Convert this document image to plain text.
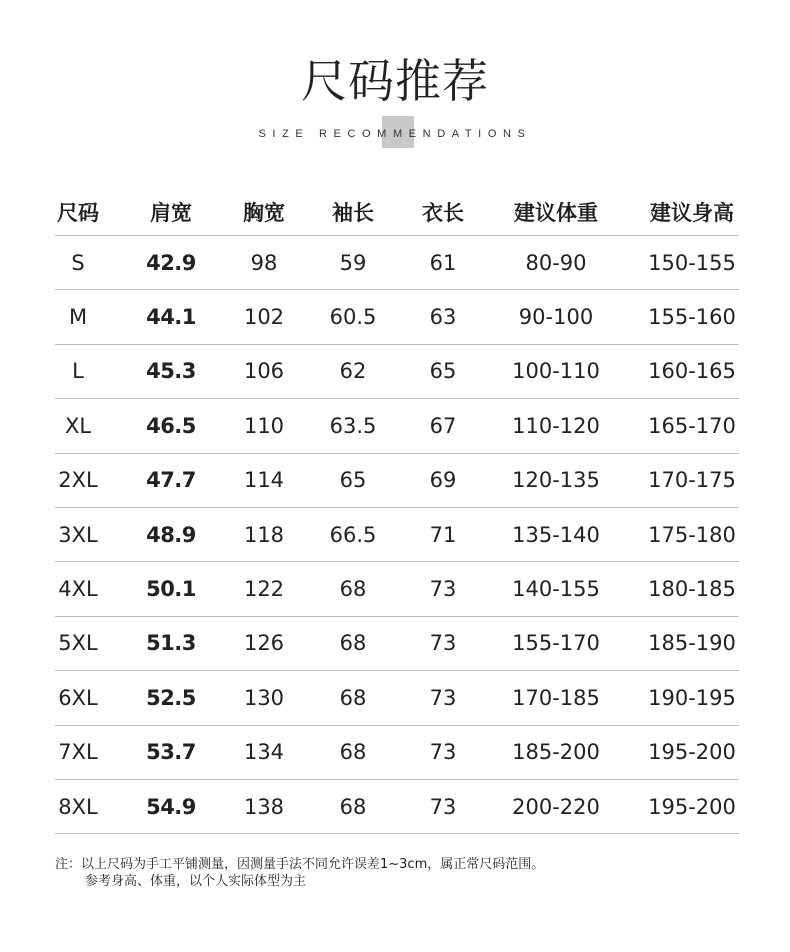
尺码推荐
SIZE RECOMMENDATIONS
尺码	肩宽	胸宽	袖长	衣长	建议体重	建议身高
S	42.9	98	59	61	80-90	150-155
M	44.1	102	60.5	63	90-100	155-160
L	45.3	106	62	65	100-110	160-165
XL	46.5	110	63.5	67	110-120	165-170
2XL	47.7	114	65	69	120-135	170-175
3XL	48.9	118	66.5	71	135-140	175-180
4XL	50.1	122	68	73	140-155	180-185
5XL	51.3	126	68	73	155-170	185-190
6XL	52.5	130	68	73	170-185	190-195
7XL	53.7	134	68	73	185-200	195-200
8XL	54.9	138	68	73	200-220	195-200
注：以上尺码为手工平铺测量，因测量手法不同允许误差1~3cm，属正常尺码范围。
参考身高、体重，以个人实际体型为主
